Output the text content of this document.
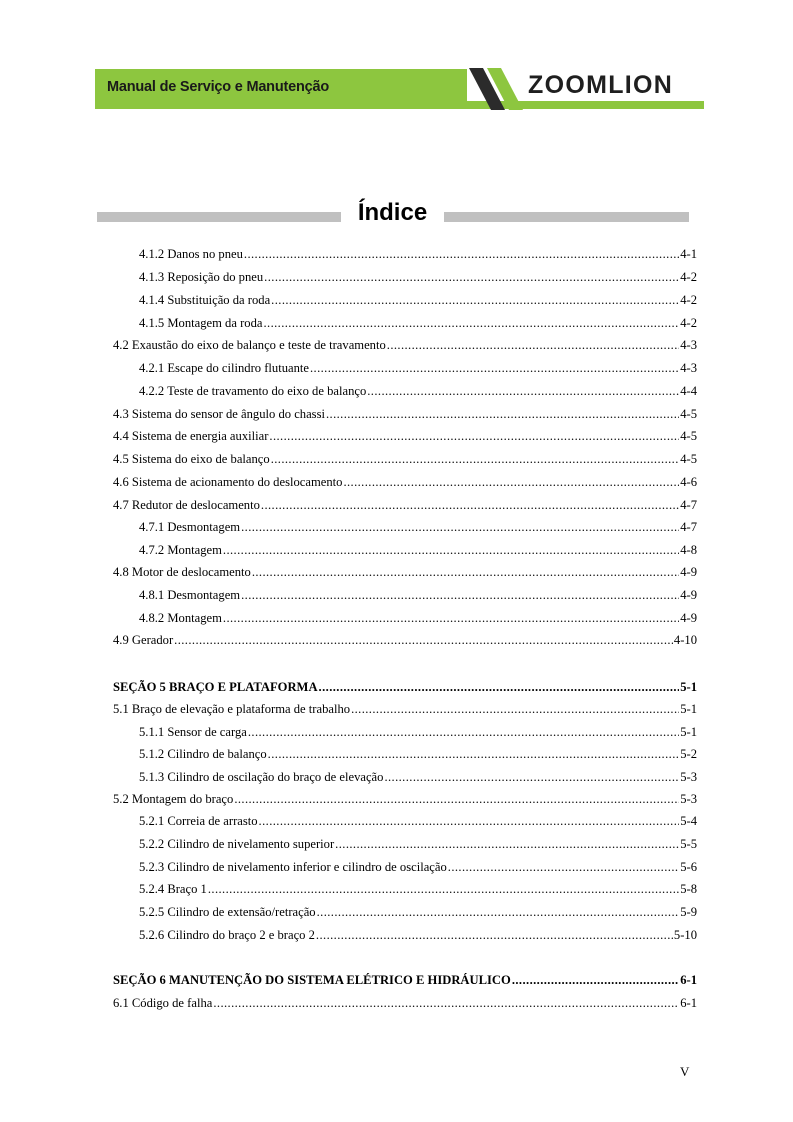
Manual de Serviço e Manutenção	ZOOMLION
Índice
4.1.2 Danos no pneu .....	4-1
4.1.3 Reposição do pneu .....	4-2
4.1.4 Substituição da roda .....	4-2
4.1.5 Montagem da roda .....	4-2
4.2 Exaustão do eixo de balanço e teste de travamento .....	4-3
4.2.1 Escape do cilindro flutuante .....	4-3
4.2.2 Teste de travamento do eixo de balanço .....	4-4
4.3 Sistema do sensor de ângulo do chassi .....	4-5
4.4 Sistema de energia auxiliar .....	4-5
4.5 Sistema do eixo de balanço .....	4-5
4.6 Sistema de acionamento do deslocamento .....	4-6
4.7 Redutor de deslocamento .....	4-7
4.7.1 Desmontagem .....	4-7
4.7.2 Montagem .....	4-8
4.8 Motor de deslocamento .....	4-9
4.8.1 Desmontagem .....	4-9
4.8.2 Montagem .....	4-9
4.9 Gerador .....	4-10
SEÇÃO 5 BRAÇO E PLATAFORMA .....	5-1
5.1 Braço de elevação e plataforma de trabalho .....	5-1
5.1.1 Sensor de carga .....	5-1
5.1.2 Cilindro de balanço .....	5-2
5.1.3 Cilindro de oscilação do braço de elevação .....	5-3
5.2 Montagem do braço .....	5-3
5.2.1 Correia de arrasto .....	5-4
5.2.2 Cilindro de nivelamento superior .....	5-5
5.2.3 Cilindro de nivelamento inferior e cilindro de oscilação .....	5-6
5.2.4 Braço 1 .....	5-8
5.2.5 Cilindro de extensão/retração .....	5-9
5.2.6 Cilindro do braço 2 e braço 2 .....	5-10
SEÇÃO 6 MANUTENÇÃO DO SISTEMA ELÉTRICO E HIDRÁULICO .....	6-1
6.1 Código de falha .....	6-1
V
